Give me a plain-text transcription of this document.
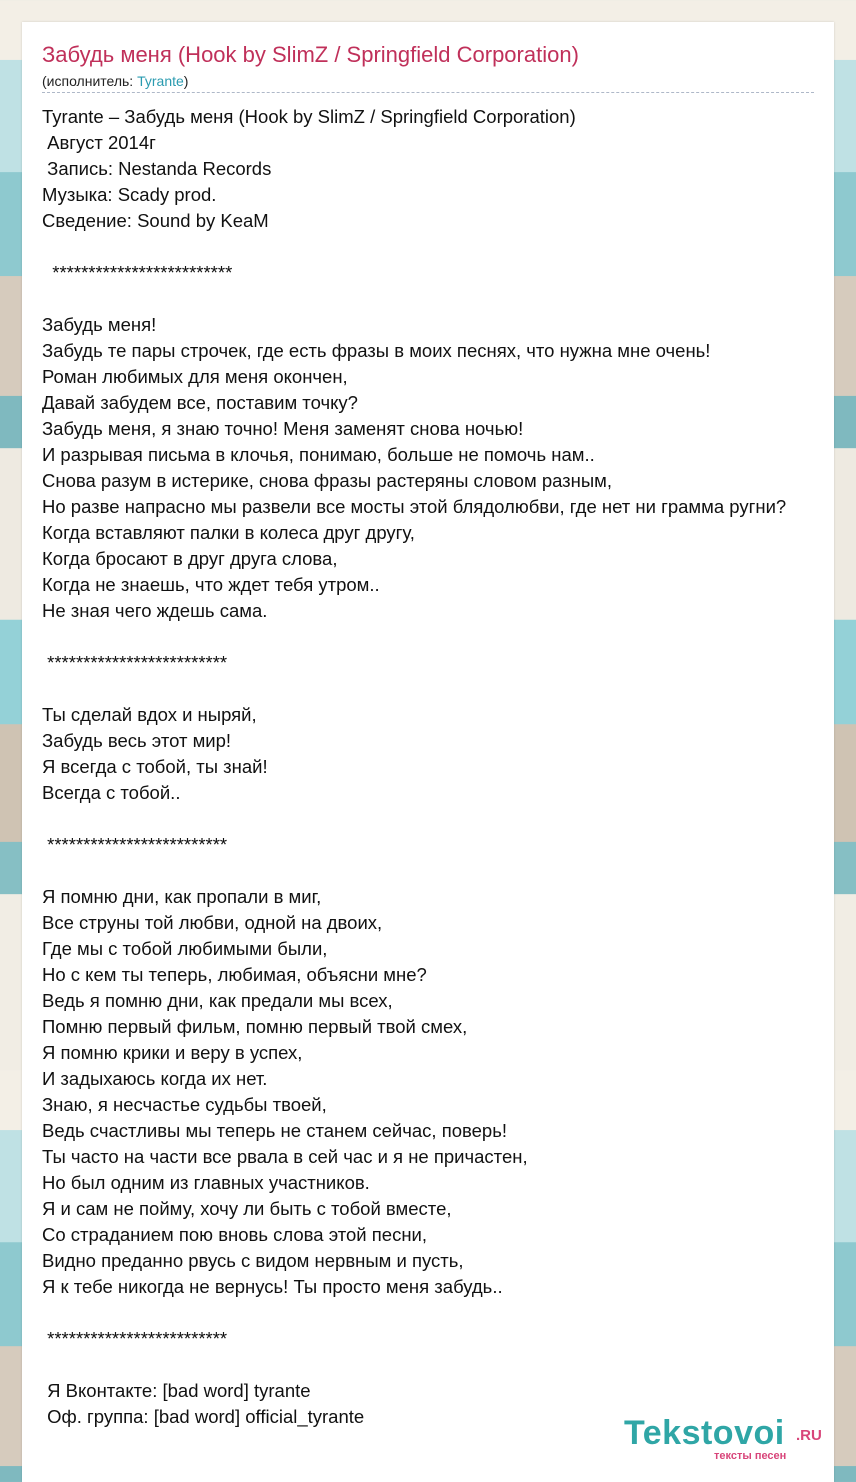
Забудь меня (Hook by SlimZ / Springfield Corporation)
(исполнитель: Tyrante)
Tyrante – Забудь меня (Hook by SlimZ / Springfield Corporation)
Август 2014г
Запись: Nestanda Records
Музыка: Scady prod.
Сведение: Sound by KeaM
*************************
Забудь меня!
Забудь те пары строчек, где есть фразы в моих песнях, что нужна мне очень!
Роман любимых для меня окончен,
Давай забудем все, поставим точку?
Забудь меня, я знаю точно! Меня заменят снова ночью!
И разрывая письма в клочья, понимаю, больше не помочь нам..
Снова разум в истерике, снова фразы растеряны словом разным,
Но разве напрасно мы развели все мосты этой блядолюбви, где нет ни грамма ругни?
Когда вставляют палки в колеса друг другу,
Когда бросают в друг друга слова,
Когда не знаешь, что ждет тебя утром..
Не зная чего ждешь сама.
*************************
Ты сделай вдох и ныряй,
Забудь весь этот мир!
Я всегда с тобой, ты знай!
Всегда с тобой..
*************************
Я помню дни, как пропали в миг,
Все струны той любви, одной на двоих,
Где мы с тобой любимыми были,
Но с кем ты теперь, любимая, объясни мне?
Ведь я помню дни, как предали мы всех,
Помню первый фильм, помню первый твой смех,
Я помню крики и веру в успех,
И задыхаюсь когда их нет.
Знаю, я несчастье судьбы твоей,
Ведь счастливы мы теперь не станем сейчас, поверь!
Ты часто на части все рвала в сей час и я не причастен,
Но был одним из главных участников.
Я и сам не пойму, хочу ли быть с тобой вместе,
Со страданием пою вновь слова этой песни,
Видно преданно рвусь с видом нервным и пусть,
Я к тебе никогда не вернусь! Ты просто меня забудь..
*************************
Я Вконтакте: [bad word] tyrante
Оф. группа: [bad word] official_tyrante	Tekstovoi .RU
тексты песен
